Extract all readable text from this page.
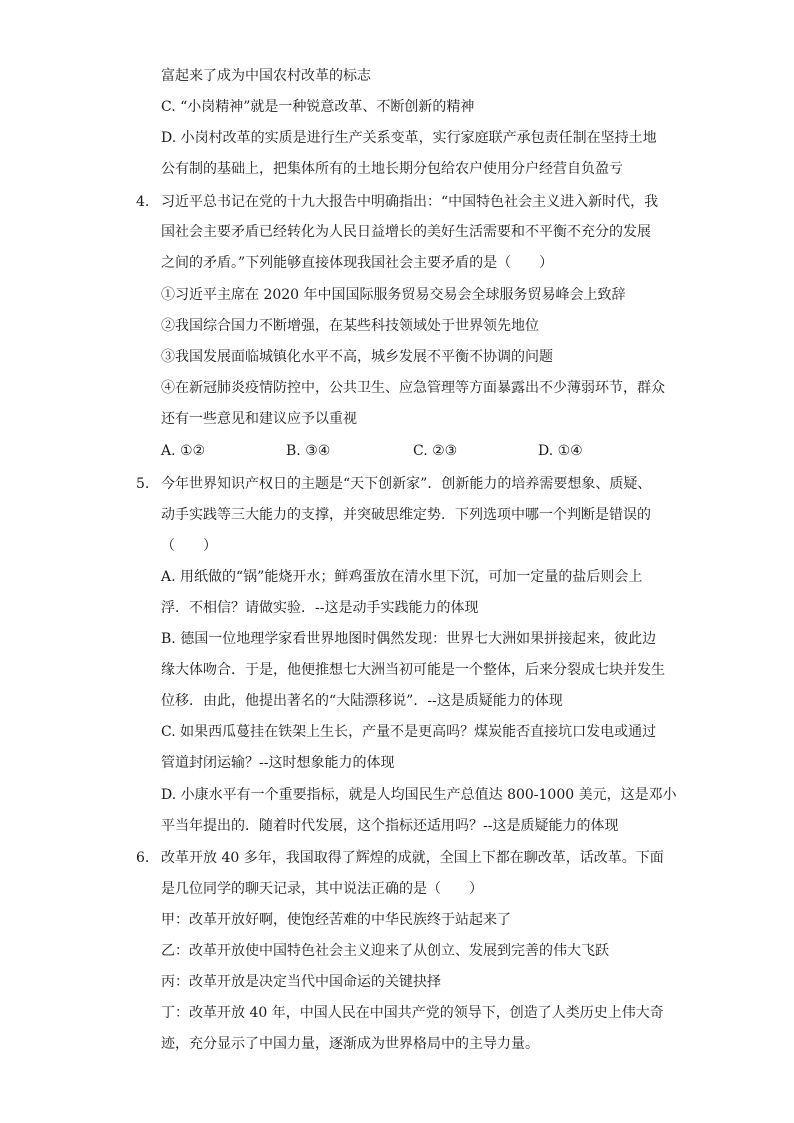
富起来了成为中国农村改革的标志
C. “小岗精神”就是一种锐意改革、不断创新的精神
D. 小岗村改革的实质是进行生产关系变革，实行家庭联产承包责任制在坚持土地
公有制的基础上，把集体所有的土地长期分包给农户使用分户经营自负盈亏
4. 习近平总书记在党的十九大报告中明确指出：“中国特色社会主义进入新时代，我
国社会主要矛盾已经转化为人民日益增长的美好生活需要和不平衡不充分的发展
之间的矛盾。”下列能够直接体现我国社会主要矛盾的是（　　）
①习近平主席在 2020 年中国国际服务贸易交易会全球服务贸易峰会上致辞
②我国综合国力不断增强，在某些科技领域处于世界领先地位
③我国发展面临城镇化水平不高，城乡发展不平衡不协调的问题
④在新冠肺炎疫情防控中，公共卫生、应急管理等方面暴露出不少薄弱环节，群众
还有一些意见和建议应予以重视
A. ①②	B. ③④	C. ②③	D. ①④
5. 今年世界知识产权日的主题是“天下创新家”．创新能力的培养需要想象、质疑、
动手实践等三大能力的支撑，并突破思维定势．下列选项中哪一个判断是错误的
（　　）
A. 用纸做的“锅”能烧开水；鲜鸡蛋放在清水里下沉，可加一定量的盐后则会上
浮．不相信？请做实验．--这是动手实践能力的体现
B. 德国一位地理学家看世界地图时偶然发现：世界七大洲如果拼接起来，彼此边
缘大体吻合．于是，他便推想七大洲当初可能是一个整体，后来分裂成七块并发生
位移．由此，他提出著名的“大陆漂移说”．--这是质疑能力的体现
C. 如果西瓜蔓挂在铁架上生长，产量不是更高吗？煤炭能否直接坑口发电或通过
管道封闭运输？--这时想象能力的体现
D. 小康水平有一个重要指标，就是人均国民生产总值达 800-1000 美元，这是邓小
平当年提出的．随着时代发展，这个指标还适用吗？--这是质疑能力的体现
6. 改革开放 40 多年，我国取得了辉煌的成就，全国上下都在聊改革，话改革。下面
是几位同学的聊天记录，其中说法正确的是（　　）
甲：改革开放好啊，使饱经苦难的中华民族终于站起来了
乙：改革开放使中国特色社会主义迎来了从创立、发展到完善的伟大飞跃
丙：改革开放是决定当代中国命运的关键抉择
丁：改革开放 40 年，中国人民在中国共产党的领导下，创造了人类历史上伟大奇
迹，充分显示了中国力量，逐渐成为世界格局中的主导力量。
